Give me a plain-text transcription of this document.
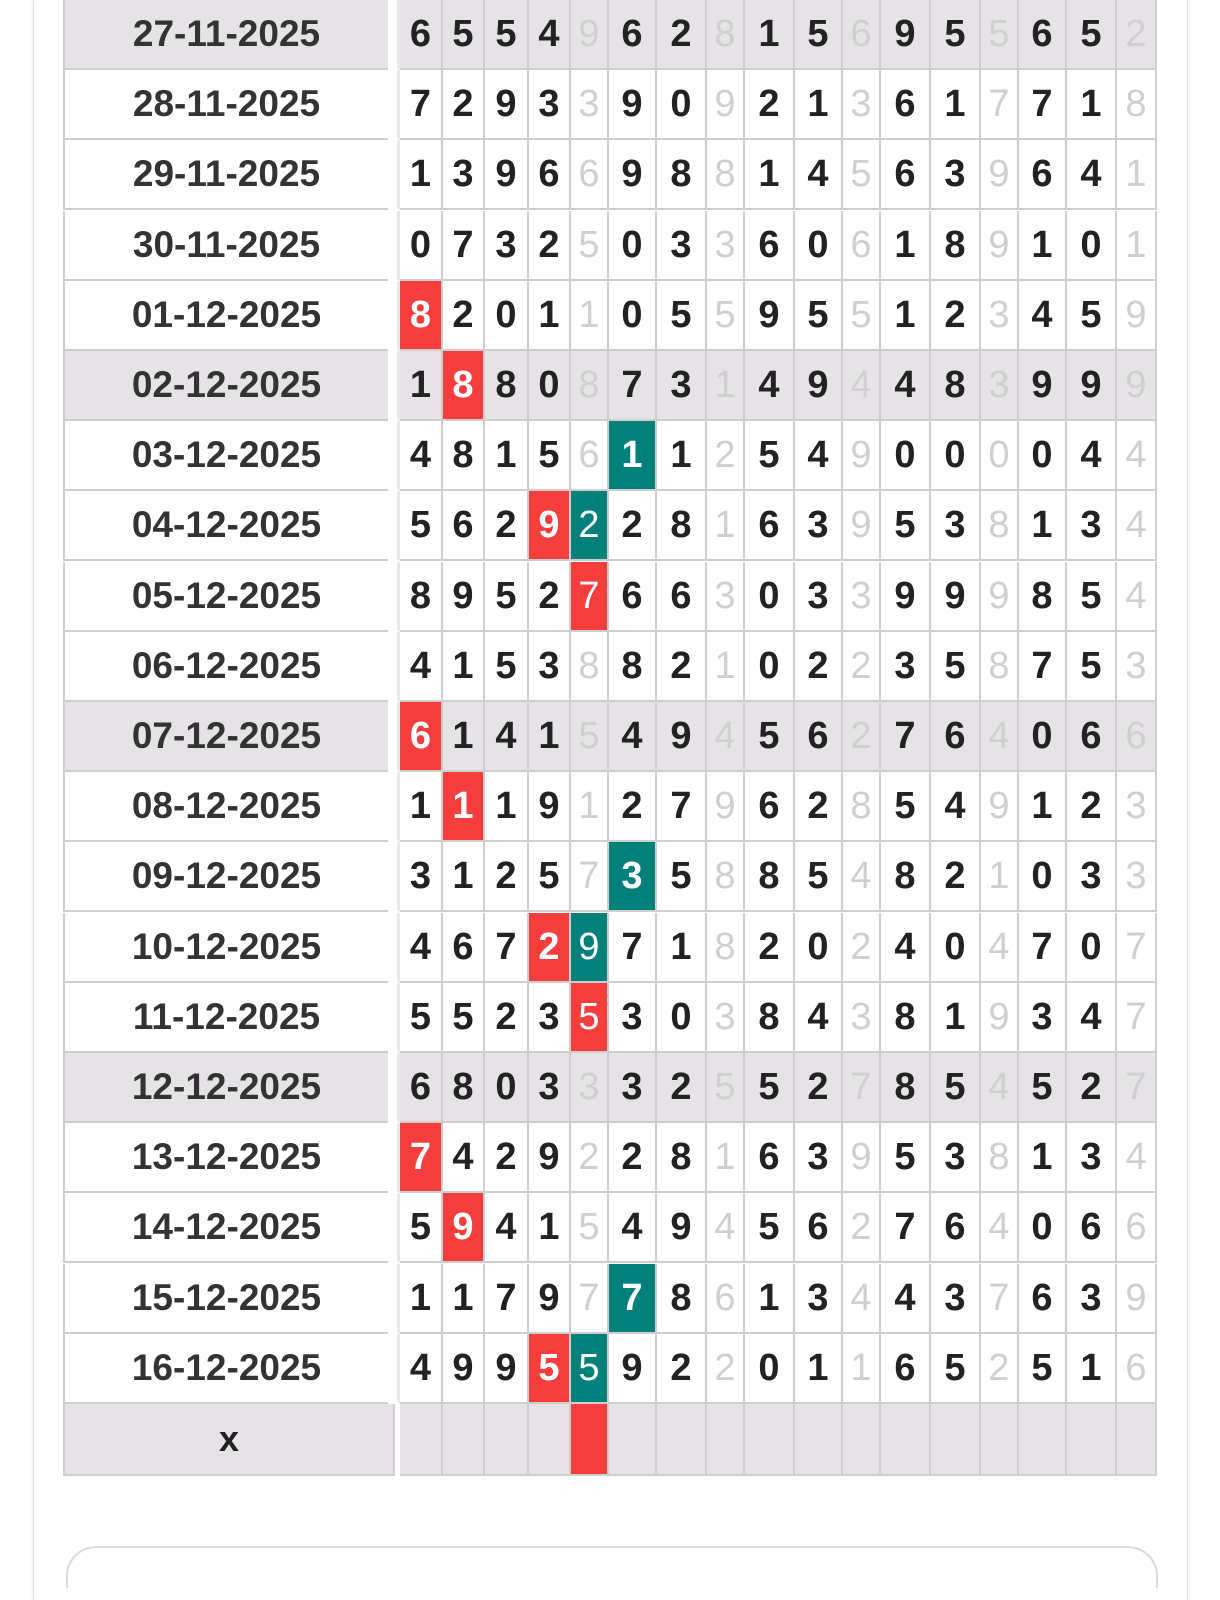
27-11-2025	6 5 5 4 9 6 2 8 1 5 6 9 5 5 6 5 2
28-11-2025	7 2 9 3 3 9 0 9 2 1 3 6 1 7 7 1 8
29-11-2025	1 3 9 6 6 9 8 8 1 4 5 6 3 9 6 4 1
30-11-2025	0 7 3 2 5 0 3 3 6 0 6 1 8 9 1 0 1
01-12-2025	8 2 0 1 1 0 5 5 9 5 5 1 2 3 4 5 9
02-12-2025	1 8 8 0 8 7 3 1 4 9 4 4 8 3 9 9 9
03-12-2025	4 8 1 5 6 1 1 2 5 4 9 0 0 0 0 4 4
04-12-2025	5 6 2 9 2 2 8 1 6 3 9 5 3 8 1 3 4
05-12-2025	8 9 5 2 7 6 6 3 0 3 3 9 9 9 8 5 4
06-12-2025	4 1 5 3 8 8 2 1 0 2 2 3 5 8 7 5 3
07-12-2025	6 1 4 1 5 4 9 4 5 6 2 7 6 4 0 6 6
08-12-2025	1 1 1 9 1 2 7 9 6 2 8 5 4 9 1 2 3
09-12-2025	3 1 2 5 7 3 5 8 8 5 4 8 2 1 0 3 3
10-12-2025	4 6 7 2 9 7 1 8 2 0 2 4 0 4 7 0 7
11-12-2025	5 5 2 3 5 3 0 3 8 4 3 8 1 9 3 4 7
12-12-2025	6 8 0 3 3 3 2 5 5 2 7 8 5 4 5 2 7
13-12-2025	7 4 2 9 2 2 8 1 6 3 9 5 3 8 1 3 4
14-12-2025	5 9 4 1 5 4 9 4 5 6 2 7 6 4 0 6 6
15-12-2025	1 1 7 9 7 7 8 6 1 3 4 4 3 7 6 3 9
16-12-2025	4 9 9 5 5 9 2 2 0 1 1 6 5 2 5 1 6
x
